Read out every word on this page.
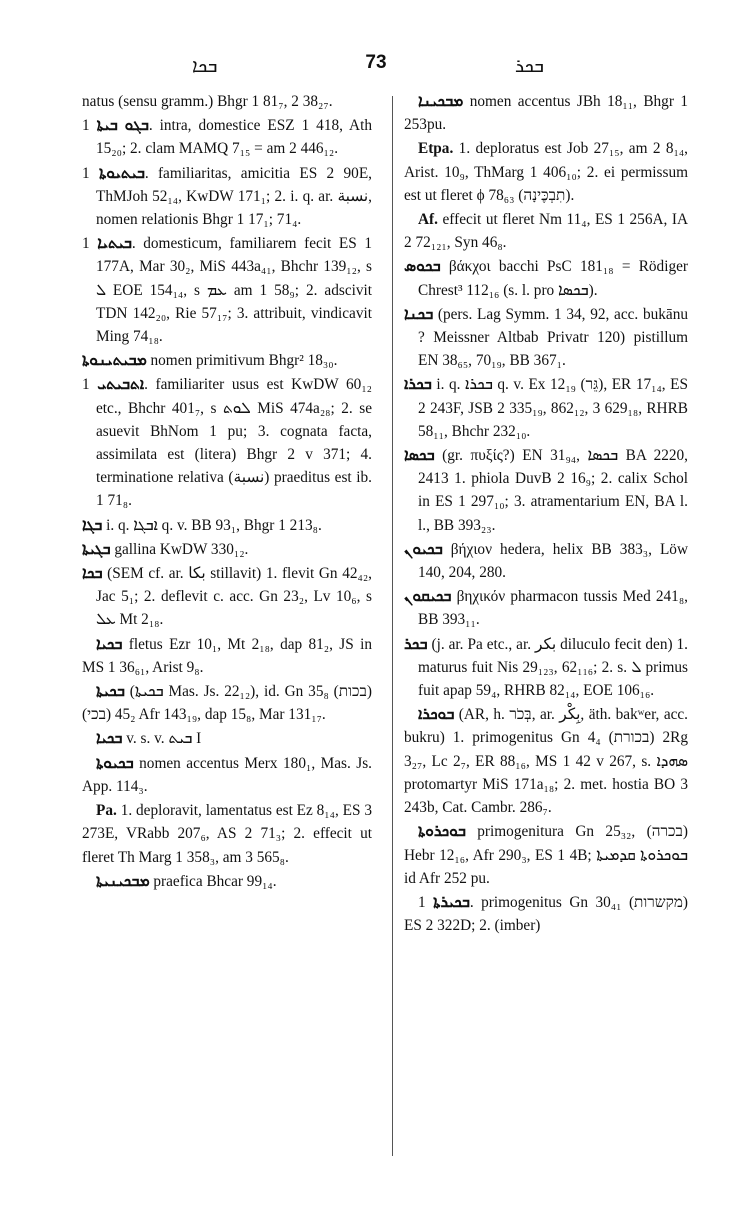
ܒܟܐ	73	ܒܟܪ

natus (sensu gramm.) Bhgr 1 81₇, 2 38₂₇.

ܒܓܘ ܒܝܬܐ 1. intra, domestice ESZ 1 418, Ath 15₂₀; 2. clam MAMQ 7₁₅ = am 2 446₁₂.

ܒܝܬܝܘܬܐ 1. familiaritas, amicitia ES 2 90E, ThMJoh 52₁₄, KwDW 171₁; 2. i. q. ar. نسبة, nomen relationis Bhgr 1 17₁; 71₄.

ܒܝܬܝܐ 1. domesticum, familiarem fecit ES 1 177A, Mar 30₂, MiS 443a₄₁, Bhchr 139₁₂, s ܠ EOE 154₁₄, s ܥܡ am 1 58₉; 2. adscivit TDN 142₂₀, Rie 57₁₇; 3. attribuit, vindicavit Ming 74₁₈.

ܡܒܝܬܝܢܘܬܐ nomen primitivum Bhgr² 18₃₀.

ܐܬܒܝܬܝ 1. familiariter usus est KwDW 60₁₂ etc., Bhchr 401₇, s ܠܘܬ MiS 474a₂₈; 2. se asuevit BhNom 1 pu; 3. cognata facta, assimilata est (litera) Bhgr 2 v 371; 4. terminatione relativa (نسبة) praeditus est ib. 1 71₈.

ܒܓܐ i. q. ܐܒܓܐ q. v. BB 93₁, Bhgr 1 213₈.

ܒܓܝܬܐ gallina KwDW 330₁₂.

ܒܟܐ (SEM cf. ar. بكا stillavit) 1. flevit Gn 42₄₂, Jac 5₁; 2. deflevit c. acc. Gn 23₂, Lv 10₆, s ܥܠ Mt 2₁₈.

ܒܟܝܐ fletus Ezr 10₁, Mt 2₁₈, dap 81₂, JS in MS 1 36₆₁, Arist 9₈.

ܒܟܝܬܐ (ܒܟܝܬܐ Mas. Js. 22₁₂), id. Gn 35₈ (בכות) 45₂ (בכי) Afr 143₁₉, dap 15₈, Mar 131₁₇.

ܒܟܝܐ v. s. v. ܒܝܬ I

ܒܟܝܘܬܐ nomen accentus Merx 180₁, Mas. Js. App. 114₃.

Pa. 1. deploravit, lamentatus est Ez 8₁₄, ES 3 273E, VRabb 207₆, AS 2 71₃; 2. effecit ut fleret Th Marg 1 358₃, am 3 565₈.

ܡܒܟܝܢܝܬܐ praefica Bhcar 99₁₄.

ܡܒܟܝܢܐ nomen accentus JBh 18₁₁, Bhgr 1 253pu.

Etpa. 1. deploratus est Job 27₁₅, am 2 8₁₄, Arist. 10₉, ThMarg 1 406₁₀; 2. ei permissum est ut fleret ϕ 78₆₃ (תִבְכֶּינָה).

Af. effecit ut fleret Nm 11₄, ES 1 256A, IA 2 72₁₂₁, Syn 46₈.

ܒܟܘܣ βάκχοι bacchi PsC 181₁₈ = Rödiger Chrest³ 112₁₆ (s. l. pro ܒܟܣܐ).

ܒܟܢܐ (pers. Lag Symm. 1 34, 92, acc. bukānu ? Meissner Altbab Privatr 120) pistillum EN 38₆₅, 70₁₉, BB 367₁.

ܒܟܪܐ i. q. ܒܟܪܐ q. v. Ex 12₁₉ (גֵּר), ER 17₁₄, ES 2 243F, JSB 2 335₁₉, 862₁₂, 3 629₁₈, RHRB 58₁₁, Bhchr 232₁₀.

ܒܟܣܐ (gr. πυξίς?) EN 31₉₄, ܒܟܣܐ BA 2220, 2413 1. phiola DuvB 2 16₉; 2. calix Schol in ES 1 297₁₀; 3. atramentarium EN, BA l. l., BB 393₂₃.

ܒܟܝܘܢ βήχιον hedera, helix BB 383₃, Löw 140, 204, 280.

ܒܟܝܩܘܢ βηχικόν pharmacon tussis Med 241₈, BB 393₁₁.

ܒܟܪ (j. ar. Pa etc., ar. بكر diluculo fecit den) 1. maturus fuit Nis 29₁₂₃, 62₁₁₆; 2. s. ܠ primus fuit apap 59₄, RHRB 82₁₄, EOE 106₁₆.

ܒܘܟܪܐ (AR, h. בְּכֹר, ar. بِكْر, äth. bakʷer, acc. bukru) 1. primogenitus Gn 4₄ (בכורת) 2Rg 3₂₇, Lc 2₇, ER 88₁₆, MS 1 42 v 267, s. ܣܗܕܐ protomartyr MiS 171a₁₈; 2. met. hostia BO 3 243b, Cat. Cambr. 286₇.

ܒܘܟܪܘܬܐ primogenitura Gn 25₃₂, (בכרה) Hebr 12₁₆, Afr 290₃, ES 1 4B; ܒܘܟܪܘܬܐ ܩܕܡܝܬܐ id Afr 252 pu.

ܒܟܝܪܬܐ 1. primogenitus Gn 30₄₁ (מקשרות) ES 2 322D; 2. (imber)
